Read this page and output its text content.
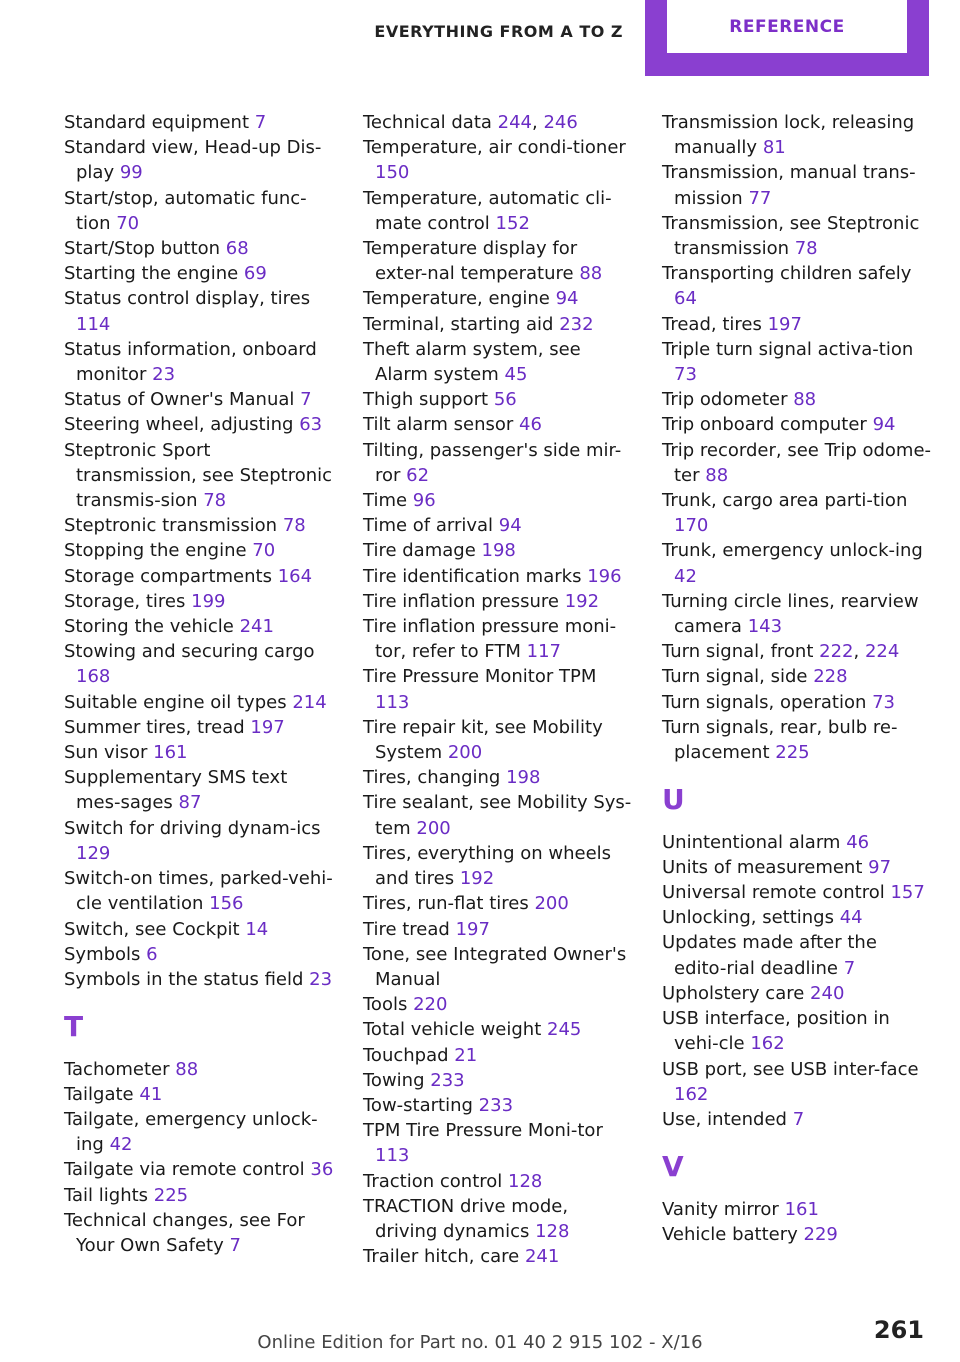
EVERYTHING FROM A TO Z	REFERENCE
Standard equipment 7
Standard view, Head-up Dis-play 99
Start/stop, automatic func-tion 70
Start/Stop button 68
Starting the engine 69
Status control display, tires 114
Status information, onboard monitor 23
Status of Owner's Manual 7
Steering wheel, adjusting 63
Steptronic Sport transmission, see Steptronic transmis-sion 78
Steptronic transmission 78
Stopping the engine 70
Storage compartments 164
Storage, tires 199
Storing the vehicle 241
Stowing and securing cargo 168
Suitable engine oil types 214
Summer tires, tread 197
Sun visor 161
Supplementary SMS text mes-sages 87
Switch for driving dynam-ics 129
Switch-on times, parked-vehi-cle ventilation 156
Switch, see Cockpit 14
Symbols 6
Symbols in the status field 23
T
Tachometer 88
Tailgate 41
Tailgate, emergency unlock-ing 42
Tailgate via remote control 36
Tail lights 225
Technical changes, see For Your Own Safety 7
Technical data 244, 246
Temperature, air condi-tioner 150
Temperature, automatic cli-mate control 152
Temperature display for exter-nal temperature 88
Temperature, engine 94
Terminal, starting aid 232
Theft alarm system, see Alarm system 45
Thigh support 56
Tilt alarm sensor 46
Tilting, passenger's side mir-ror 62
Time 96
Time of arrival 94
Tire damage 198
Tire identification marks 196
Tire inflation pressure 192
Tire inflation pressure moni-tor, refer to FTM 117
Tire Pressure Monitor TPM 113
Tire repair kit, see Mobility System 200
Tires, changing 198
Tire sealant, see Mobility Sys-tem 200
Tires, everything on wheels and tires 192
Tires, run-flat tires 200
Tire tread 197
Tone, see Integrated Owner's Manual
Tools 220
Total vehicle weight 245
Touchpad 21
Towing 233
Tow-starting 233
TPM Tire Pressure Moni-tor 113
Traction control 128
TRACTION drive mode, driving dynamics 128
Trailer hitch, care 241
Transmission lock, releasing manually 81
Transmission, manual trans-mission 77
Transmission, see Steptronic transmission 78
Transporting children safely 64
Tread, tires 197
Triple turn signal activa-tion 73
Trip odometer 88
Trip onboard computer 94
Trip recorder, see Trip odome-ter 88
Trunk, cargo area parti-tion 170
Trunk, emergency unlock-ing 42
Turning circle lines, rearview camera 143
Turn signal, front 222, 224
Turn signal, side 228
Turn signals, operation 73
Turn signals, rear, bulb re-placement 225
U
Unintentional alarm 46
Units of measurement 97
Universal remote control 157
Unlocking, settings 44
Updates made after the edito-rial deadline 7
Upholstery care 240
USB interface, position in vehi-cle 162
USB port, see USB inter-face 162
Use, intended 7
V
Vanity mirror 161
Vehicle battery 229
261
Online Edition for Part no. 01 40 2 915 102 - X/16
